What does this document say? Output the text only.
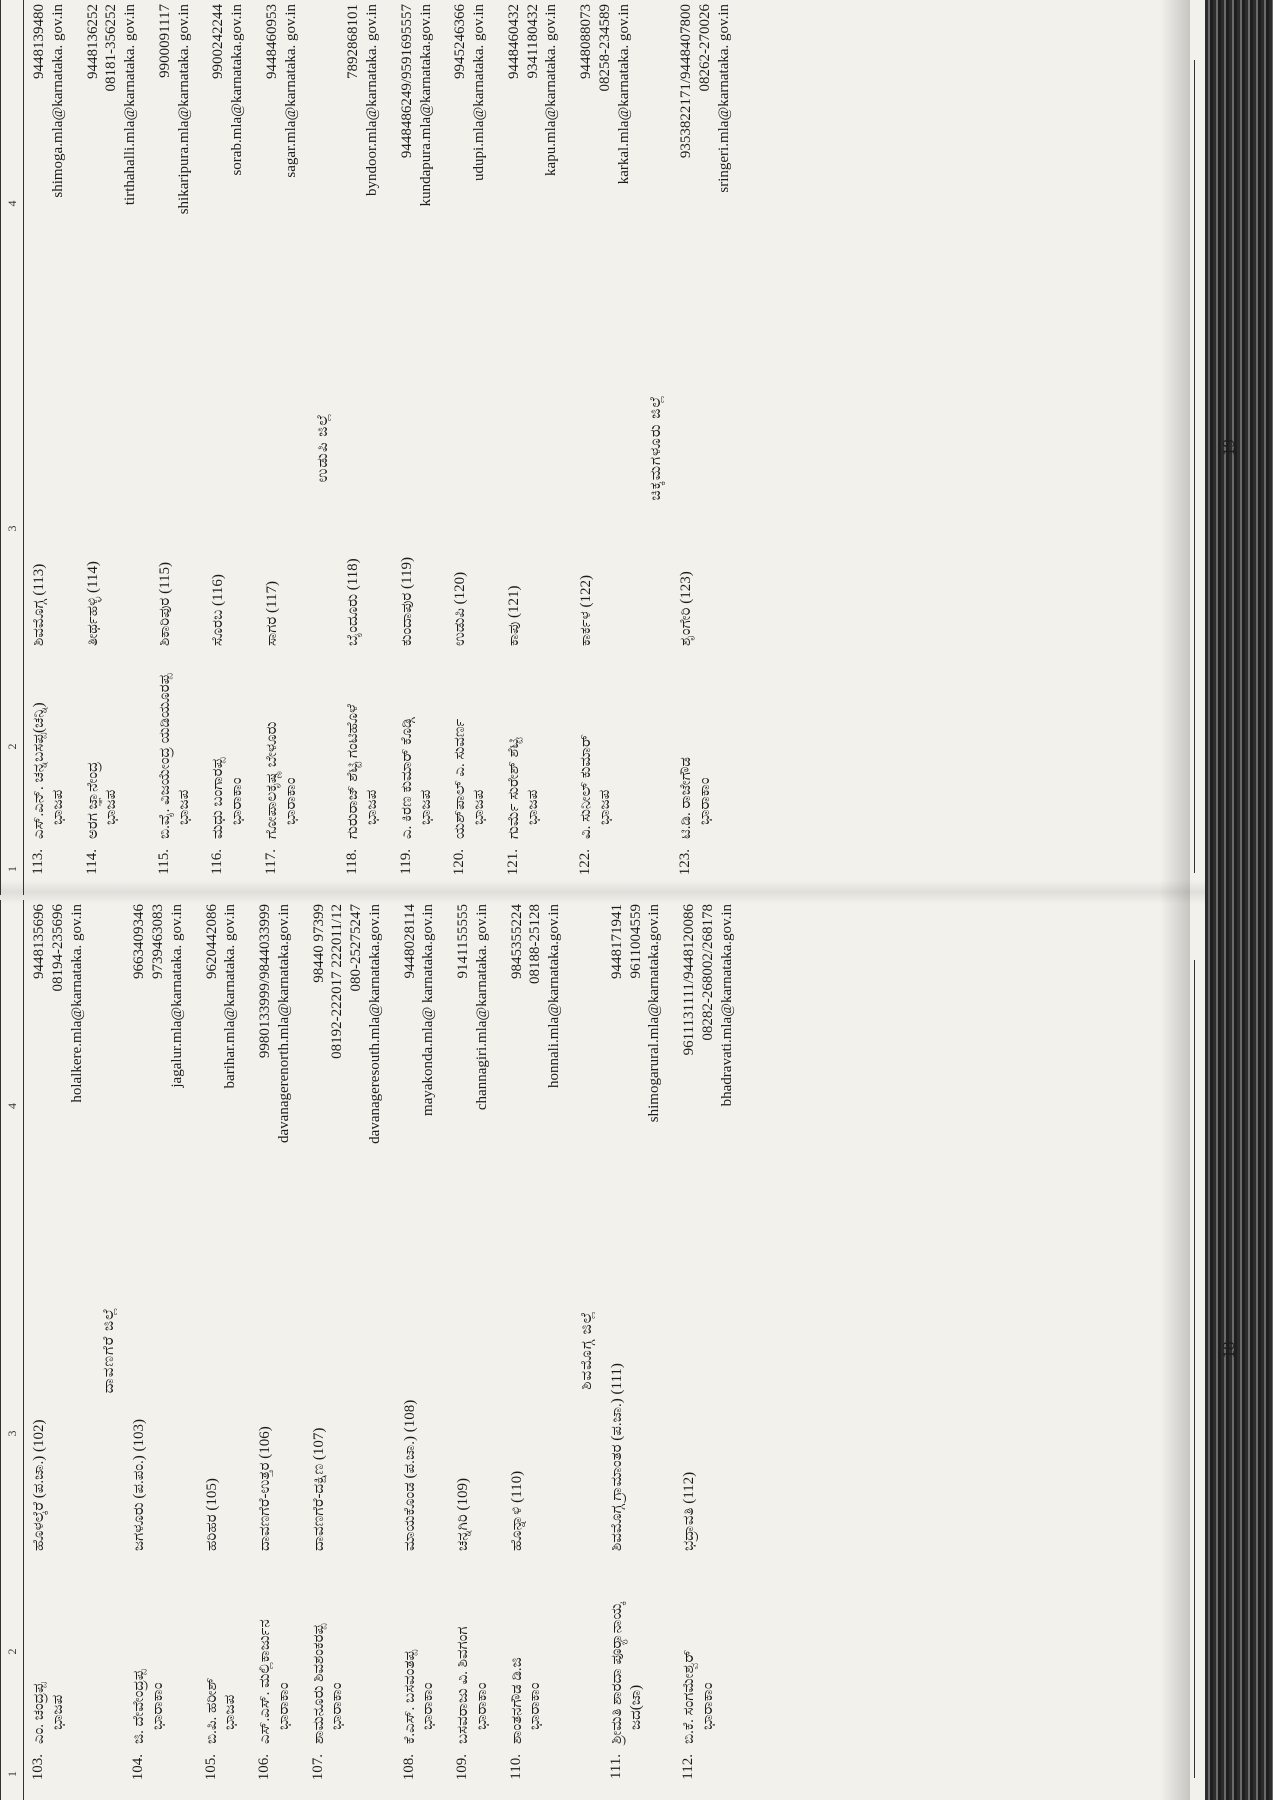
1	2	3	4
103.	ಎಂ. ಚಂದ್ರಪ್ಪ ಭಾಜಪ	ಹೊಳಲ್ಕೆರೆ (ಪ.ಜಾ.) (102)	9448135696 08194-235696 holalkere.mla@karnataka. gov.in

ದಾವಣಗೆರೆ ಜಿಲ್ಲೆ			
104.	ಜಿ. ದೇವೇಂದ್ರಪ್ಪ ಭಾರಾಕಾಂ	ಜಗಳೂರು (ಪ.ಪಂ.) (103)	9663409346 9739463083 jagalur.mla@karnataka. gov.in

105.	ಬಿ.ಪಿ. ಹರೀಶ್ ಭಾಜಪ	ಹರಿಹರ (105)	9620442086 barihar.mla@karnataka. gov.in

106.	ಎಸ್.ಎಸ್. ಮಲ್ಲಿಕಾರ್ಜುನ ಭಾರಾಕಾಂ	ದಾವಣಗೆರೆ-ಉತ್ತರ (106)	9980133999/9844033999 davanagerenorth.mla@karnataka.gov.in

107.	ಶಾಮನೂರು ಶಿವಶಂಕರಪ್ಪ ಭಾರಾಕಾಂ	ದಾವಣಗೆರೆ-ದಕ್ಷಿಣ (107)	98440 97399 08192-222017 222011/12 080-25275247 davanageresouth.mla@karnataka.gov.in

108.	ಕೆ.ಎಸ್. ಬಸವಂತಪ್ಪ ಭಾರಾಕಾಂ	ಮಾಯಕೊಂಡ (ಪ.ಜಾ.) (108)	9448028114 mayakonda.mla@ karnataka.gov.in

109.	ಬಸವರಾಜು ವಿ. ಶಿವಗಂಗ ಭಾರಾಕಾಂ	ಚನ್ನಗಿರಿ (109)	9141155555 channagiri.mla@karnataka. gov.in

110.	ಶಾಂತನಗೌಡ ಡಿ.ಜಿ ಭಾರಾಕಾಂ	ಹೊನ್ನಾಳಿ (110)	9845355224 08188-25128 honnali.mla@karnataka.gov.in

ಶಿವಮೊಗ್ಗ ಜಿಲ್ಲೆ			
111.	ಶ್ರೀಮತಿ ಶಾರದಾ ಪೂರ್‍ಯಾನಾಯ್ಕ ಜದ(ಜಾ)	ಶಿವಮೊಗ್ಗ ಗ್ರಾಮಾಂತರ (ಪ.ಜಾ.) (111)	9448171941 9611004559 shimogarural.mla@karnataka.gov.in

112.	ಬಿ.ಕೆ. ಸಂಗಮೇಶ್ವರ್ ಭಾರಾಕಾಂ	ಭದ್ರಾವತಿ (112)	9611131111/9448120086 08282-268002/268178 bhadravati.mla@karnataka.gov.in
18
1	2	3	4
113.	ಎಸ್.ಎನ್. ಚನ್ನಬಸಪ್ಪ(ಚನ್ನಿ) ಭಾಜಪ	ಶಿವಮೊಗ್ಗ (113)	9448139480 shimoga.mla@karnataka. gov.in

114.	ಅರಗ ಜ್ಞಾನೇಂದ್ರ ಭಾಜಪ	ತೀರ್ಥಹಳ್ಳಿ (114)	9448136252 08181-356252 tirthahalli.mla@karnataka. gov.in

115.	ಬಿ.ವೈ. ವಿಜಯೇಂದ್ರ ಯಡಿಯೂರಪ್ಪ ಭಾಜಪ	ಶಿಕಾರಿಪುರ (115)	9900091117 shikaripura.mla@karnataka. gov.in

116.	ಮಧು ಬಂಗಾರಪ್ಪ ಭಾರಾಕಾಂ	ಸೊರಬ (116)	9900242244 sorab.mla@karnataka.gov.in

117.	ಗೋಪಾಲಕೃಷ್ಣ ಬೇಳೂರು ಭಾರಾಕಾಂ	ಸಾಗರ (117)	9448460953 sagar.mla@karnataka. gov.in

ಉಡುಪಿ ಜಿಲ್ಲೆ			
118.	ಗುರುರಾಜ್ ಶೆಟ್ಟಿ ಗಂಟಿಹೊಳೆ ಭಾಜಪ	ಬೈಂದೂರು (118)	7892868101 byndoor.mla@karnataka. gov.in

119.	ಎ. ಕಿರಣ ಕುಮಾರ್ ಕೊಡ್ಗಿ ಭಾಜಪ	ಕುಂದಾಪುರ (119)	9448486249/9591695557 kundapura.mla@karnataka.gov.in

120.	ಯಶ್‌ಪಾಲ್ ಎ. ಸುವರ್ಣ ಭಾಜಪ	ಉಡುಪಿ (120)	9945246366 udupi.mla@karnataka. gov.in

121.	ಗುರ್ಮೆ ಸುರೇಶ್ ಶೆಟ್ಟಿ ಭಾಜಪ	ಕಾಪು (121)	9448460432 9341180432 kapu.mla@karnataka. gov.in

122.	ವಿ. ಸುನೀಲ್ ಕುಮಾರ್ ಭಾಜಪ	ಕಾರ್ಕಳ (122)	9448088073 08258-234589 karkal.mla@karnataka. gov.in

ಚಿಕ್ಕಮಗಳೂರು ಜಿಲ್ಲೆ			
123.	ಟಿ.ಡಿ. ರಾಜೇಗೌಡ ಭಾರಾಕಾಂ	ಶೃಂಗೇರಿ (123)	9353822171/9448407800 08262-270026 sringeri.mla@karnataka. gov.in
19
